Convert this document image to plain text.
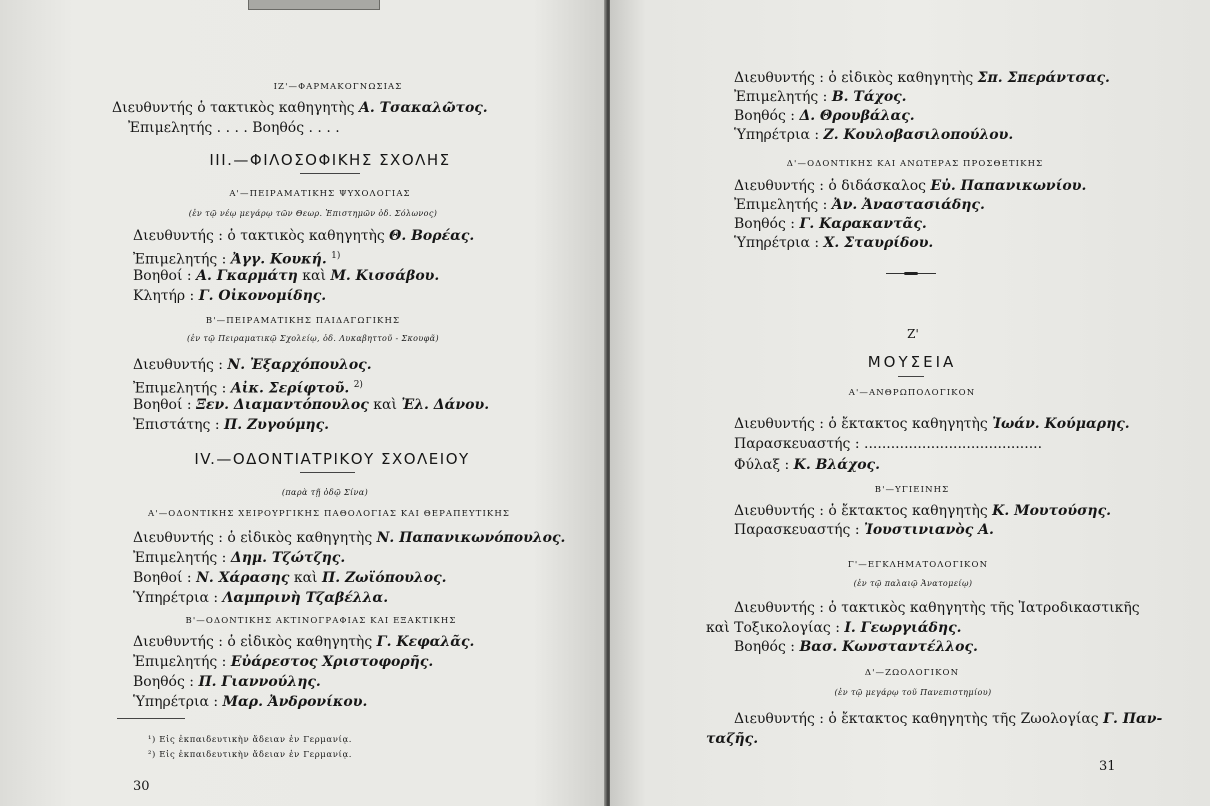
ΙΖ'—ΦΑΡΜΑΚΟΓΝΩΣΙΑΣ
Διευθυντής ὁ τακτικὸς καθηγητὴς Α. Τσακαλῶτος.
Ἐπιμελητής . . . . Βοηθός . . . .
III.—ΦΙΛΟΣΟΦΙΚΗΣ ΣΧΟΛΗΣ
Α'—ΠΕΙΡΑΜΑΤΙΚΗΣ ΨΥΧΟΛΟΓΙΑΣ
(ἐν τῷ νέῳ μεγάρῳ τῶν Θεωρ. Ἐπιστημῶν ὁδ. Σόλωνος)
Διευθυντής : ὁ τακτικὸς καθηγητὴς Θ. Βορέας.
Ἐπιμελητής : Ἀγγ. Κουκή. $^{1)}$
Βοηθοί : Α. Γκαρμάτη καὶ Μ. Κισσάβου.
Κλητήρ : Γ. Οἰκονομίδης.
Β'—ΠΕΙΡΑΜΑΤΙΚΗΣ ΠΑΙΔΑΓΩΓΙΚΗΣ
(ἐν τῷ Πειραματικῷ Σχολείῳ, ὁδ. Λυκαβηττοῦ - Σκουφᾶ)
Διευθυντής : Ν. Ἐξαρχόπουλος.
Ἐπιμελητής : Αἰκ. Σερίφτοῦ. $^{2)}$
Βοηθοί : Ξεν. Διαμαντόπουλος καὶ Ἐλ. Δάνου.
Ἐπιστάτης : Π. Ζυγούμης.
IV.—ΟΔΟΝΤΙΑΤΡΙΚΟΥ ΣΧΟΛΕΙΟΥ
(παρὰ τῇ ὁδῷ Σίνα)
Α'—ΟΔΟΝΤΙΚΗΣ ΧΕΙΡΟΥΡΓΙΚΗΣ ΠΑΘΟΛΟΓΙΑΣ ΚΑΙ ΘΕΡΑΠΕΥΤΙΚΗΣ
Διευθυντής : ὁ εἰδικὸς καθηγητὴς Ν. Παπανικωνόπουλος.
Ἐπιμελητής : Δημ. Τζώτζης.
Βοηθοί : Ν. Χάρασης καὶ Π. Ζωϊόπουλος.
Ὑπηρέτρια : Λαμπρινὴ Τζαβέλλα.
Β'—ΟΔΟΝΤΙΚΗΣ ΑΚΤΙΝΟΓΡΑΦΙΑΣ ΚΑΙ ΕΞΑΚΤΙΚΗΣ
Διευθυντής : ὁ εἰδικὸς καθηγητὴς Γ. Κεφαλᾶς.
Ἐπιμελητής : Εὐάρεστος Χριστοφορῆς.
Βοηθός : Π. Γιαννούλης.
Ὑπηρέτρια : Μαρ. Ἀνδρονίκου.
¹) Εἰς ἐκπαιδευτικὴν ἄδειαν ἐν Γερμανίᾳ.
²) Εἰς ἐκπαιδευτικὴν ἄδειαν ἐν Γερμανίᾳ.
30
Διευθυντής : ὁ εἰδικὸς καθηγητὴς Σπ. Σπεράντσας.
Ἐπιμελητής : Β. Τάχος.
Βοηθός : Δ. Θρουβάλας.
Ὑπηρέτρια : Ζ. Κουλοβασιλοπούλου.
Δ'—ΟΔΟΝΤΙΚΗΣ ΚΑΙ ΑΝΩΤΕΡΑΣ ΠΡΟΣΘΕΤΙΚΗΣ
Διευθυντής : ὁ διδάσκαλος Εὐ. Παπανικωνίου.
Ἐπιμελητής : Ἀν. Ἀναστασιάδης.
Βοηθός : Γ. Καρακαντᾶς.
Ὑπηρέτρια : Χ. Σταυρίδου.
Ζ'
ΜΟΥΣΕΙΑ
Α'—ΑΝΘΡΩΠΟΛΟΓΙΚΟΝ
Διευθυντής : ὁ ἔκτακτος καθηγητὴς Ἰωάν. Κούμαρης.
Παρασκευαστής : ........................................
Φύλαξ : Κ. Βλάχος.
Β'—ΥΓΙΕΙΝΗΣ
Διευθυντής : ὁ ἔκτακτος καθηγητὴς Κ. Μουτούσης.
Παρασκευαστής : Ἰουστινιανὸς Α.
Γ'—ΕΓΚΛΗΜΑΤΟΛΟΓΙΚΟΝ
(ἐν τῷ παλαιῷ Ἀνατομείῳ)
Διευθυντής : ὁ τακτικὸς καθηγητὴς τῆς Ἰατροδικαστικῆς
καὶ Τοξικολογίας : Ι. Γεωργιάδης.
Βοηθός : Βασ. Κωνσταντέλλος.
Δ'—ΖΩΟΛΟΓΙΚΟΝ
(ἐν τῷ μεγάρῳ τοῦ Πανεπιστημίου)
Διευθυντής : ὁ ἔκτακτος καθηγητὴς τῆς Ζωολογίας Γ. Παν-
ταζῆς.
31
